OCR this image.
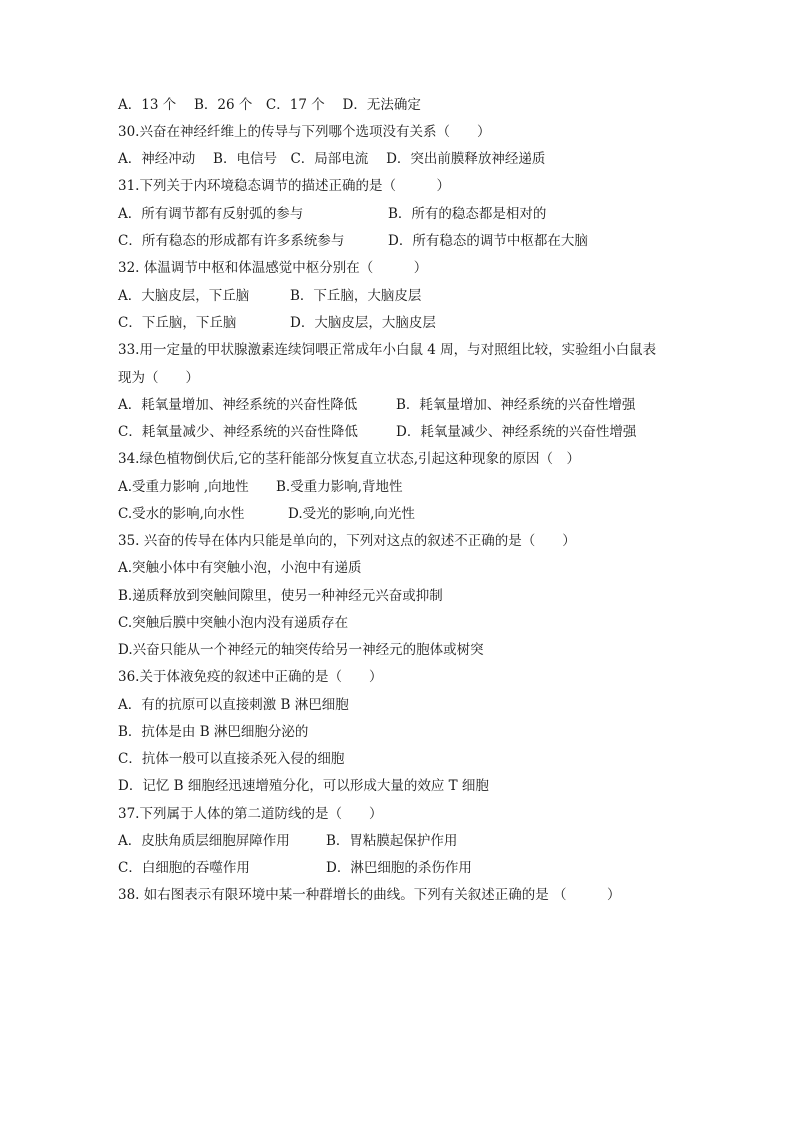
A．13 个　 B．26 个　C．17 个　 D．无法确定
30.兴奋在神经纤维上的传导与下列哪个选项没有关系（　　）
A．神经冲动　 B．电信号　C．局部电流　 D．突出前膜释放神经递质
31.下列关于内环境稳态调节的描述正确的是（　　　）
A．所有调节都有反射弧的参与	B．所有的稳态都是相对的
C．所有稳态的形成都有许多系统参与	D．所有稳态的调节中枢都在大脑
32. 体温调节中枢和体温感觉中枢分别在（　　　）
A．大脑皮层，下丘脑	B．下丘脑，大脑皮层
C．下丘脑，下丘脑	D．大脑皮层，大脑皮层
33.用一定量的甲状腺激素连续饲喂正常成年小白鼠 4 周，与对照组比较，实验组小白鼠表
现为（　　）
A．耗氧量增加、神经系统的兴奋性降低	B．耗氧量增加、神经系统的兴奋性增强
C．耗氧量减少、神经系统的兴奋性降低	D．耗氧量减少、神经系统的兴奋性增强
34.绿色植物倒伏后,它的茎秆能部分恢复直立状态,引起这种现象的原因（　）
A.受重力影响 ,向地性 B.受重力影响,背地性
C.受水的影响,向水性	D.受光的影响,向光性
35. 兴奋的传导在体内只能是单向的，下列对这点的叙述不正确的是（　　）
A.突触小体中有突触小泡，小泡中有递质
B.递质释放到突触间隙里，使另一种神经元兴奋或抑制
C.突触后膜中突触小泡内没有递质存在
D.兴奋只能从一个神经元的轴突传给另一神经元的胞体或树突
36.关于体液免疫的叙述中正确的是（　　）
A．有的抗原可以直接刺激 B 淋巴细胞
B．抗体是由 B 淋巴细胞分泌的
C．抗体一般可以直接杀死入侵的细胞
D．记忆 B 细胞经迅速增殖分化，可以形成大量的效应 T 细胞
37.下列属于人体的第二道防线的是（　　）
A．皮肤角质层细胞屏障作用	B．胃粘膜起保护作用
C．白细胞的吞噬作用	D．淋巴细胞的杀伤作用
38. 如右图表示有限环境中某一种群增长的曲线。下列有关叙述正确的是 （　　　）
